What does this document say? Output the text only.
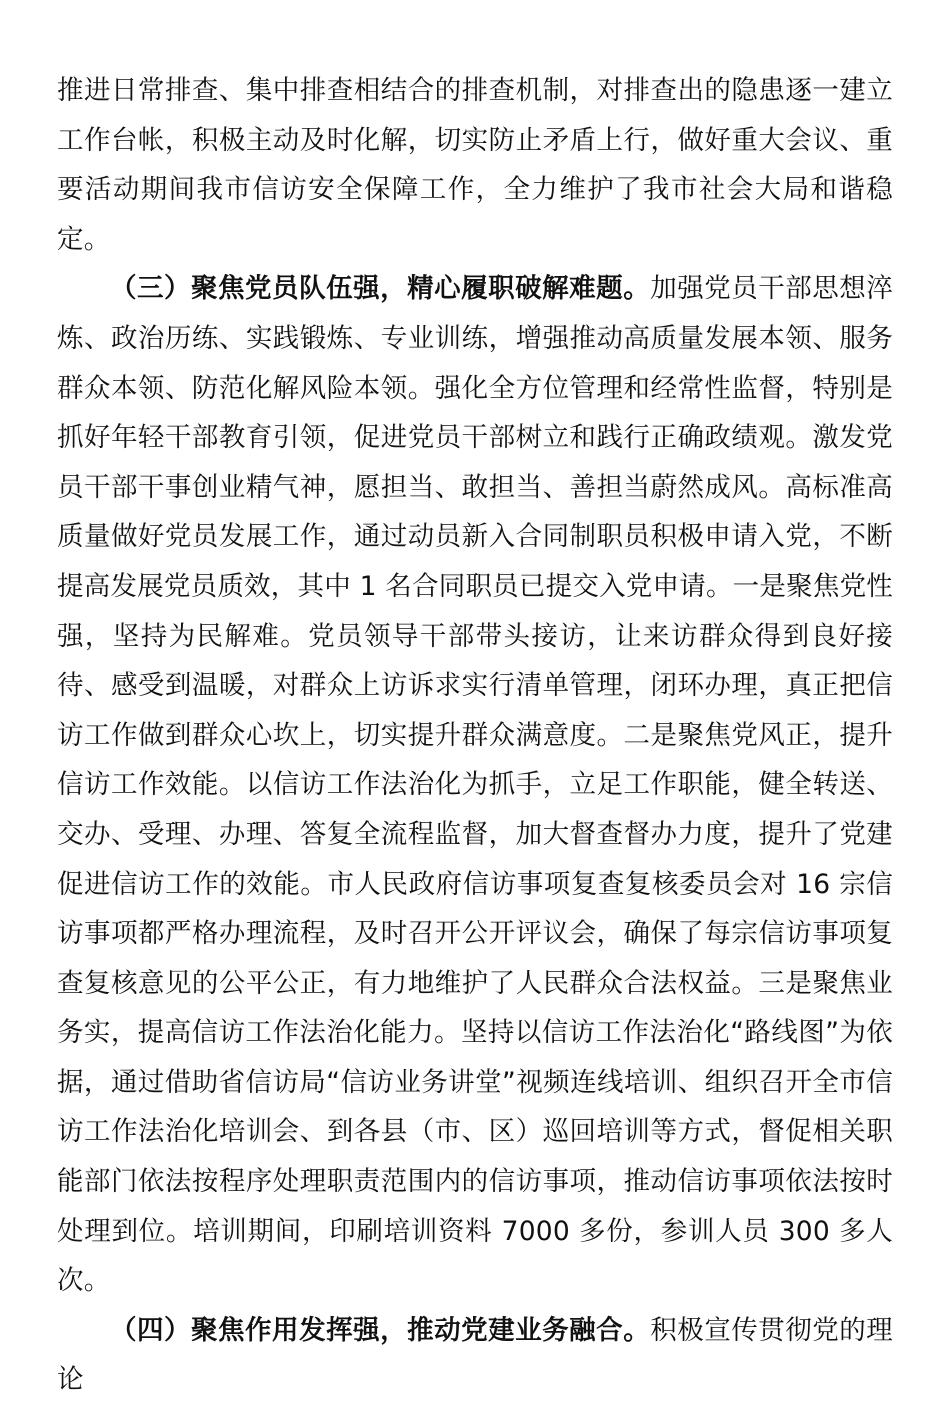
推进日常排查、集中排查相结合的排查机制，对排查出的隐患逐一建立工作台帐，积极主动及时化解，切实防止矛盾上行，做好重大会议、重要活动期间我市信访安全保障工作，全力维护了我市社会大局和谐稳定。

（三）聚焦党员队伍强，精心履职破解难题。加强党员干部思想淬炼、政治历练、实践锻炼、专业训练，增强推动高质量发展本领、服务群众本领、防范化解风险本领。强化全方位管理和经常性监督，特别是抓好年轻干部教育引领，促进党员干部树立和践行正确政绩观。激发党员干部干事创业精气神，愿担当、敢担当、善担当蔚然成风。高标准高质量做好党员发展工作，通过动员新入合同制职员积极申请入党，不断提高发展党员质效，其中 1 名合同职员已提交入党申请。一是聚焦党性强，坚持为民解难。党员领导干部带头接访，让来访群众得到良好接待、感受到温暖，对群众上访诉求实行清单管理，闭环办理，真正把信访工作做到群众心坎上，切实提升群众满意度。二是聚焦党风正，提升信访工作效能。以信访工作法治化为抓手，立足工作职能，健全转送、交办、受理、办理、答复全流程监督，加大督查督办力度，提升了党建促进信访工作的效能。市人民政府信访事项复查复核委员会对 16 宗信访事项都严格办理流程，及时召开公开评议会，确保了每宗信访事项复查复核意见的公平公正，有力地维护了人民群众合法权益。三是聚焦业务实，提高信访工作法治化能力。坚持以信访工作法治化“路线图”为依据，通过借助省信访局“信访业务讲堂”视频连线培训、组织召开全市信访工作法治化培训会、到各县（市、区）巡回培训等方式，督促相关职能部门依法按程序处理职责范围内的信访事项，推动信访事项依法按时处理到位。培训期间，印刷培训资料 7000 多份，参训人员 300 多人次。

（四）聚焦作用发挥强，推动党建业务融合。积极宣传贯彻党的理论
